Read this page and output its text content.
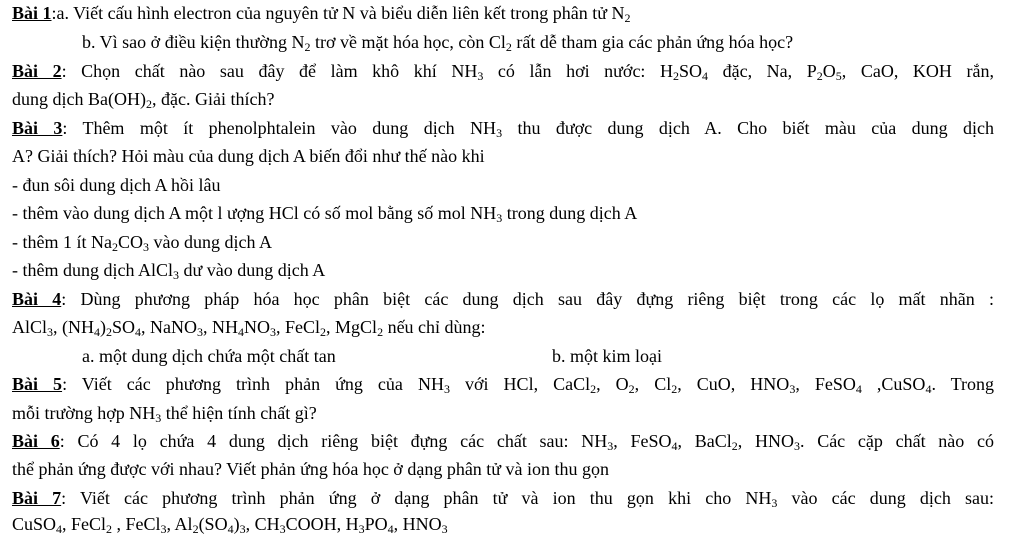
Bài 1:a. Viết cấu hình electron của nguyên tử N và biểu diễn liên kết trong phân tử $N_2$
b. Vì sao ở điều kiện thường $N_2$ trơ về mặt hóa học, còn $Cl_2$ rất dễ tham gia các phản ứng hóa học?
Bài 2: Chọn chất nào sau đây để làm khô khí $NH_3$ có lẫn hơi nước: $H_2SO_4$ đặc, Na, $P_2O_5$, CaO, KOH rắn,
dung dịch $Ba(OH)_2$, đặc. Giải thích?
Bài 3: Thêm một ít phenolphtalein vào dung dịch $NH_3$ thu được dung dịch A. Cho biết màu của dung dịch
A? Giải thích? Hỏi màu của dung dịch A biến đổi như thế nào khi
- đun sôi dung dịch A hồi lâu
- thêm vào dung dịch A một l ượng HCl có số mol bằng số mol $NH_3$ trong dung dịch A
- thêm 1 ít $Na_2CO_3$ vào dung dịch A
- thêm dung dịch AlCl$_3$ dư vào dung dịch A
Bài 4: Dùng phương pháp hóa học phân biệt các dung dịch sau đây đựng riêng biệt trong các lọ mất nhãn :
AlCl$_3$, $(NH_4)_2SO_4$, NaNO$_3$, $NH_4NO_3$, FeCl$_2$, MgCl$_2$ nếu chỉ dùng:
a. một dung dịch chứa một chất tan	b. một kim loại
Bài 5: Viết các phương trình phản ứng của $NH_3$ với HCl, CaCl$_2$, $O_2$, $Cl_2$, CuO, $HNO_3$, FeSO$_4$ ,CuSO$_4$. Trong
mỗi trường hợp $NH_3$ thể hiện tính chất gì?
Bài 6: Có 4 lọ chứa 4 dung dịch riêng biệt đựng các chất sau: $NH_3$, FeSO$_4$, BaCl$_2$, $HNO_3$. Các cặp chất nào có
thể phản ứng được với nhau? Viết phản ứng hóa học ở dạng phân tử và ion thu gọn
Bài 7: Viết các phương trình phản ứng ở dạng phân tử và ion thu gọn khi cho $NH_3$ vào các dung dịch sau:
CuSO$_4$, FeCl$_2$ , FeCl$_3$, $Al_2(SO_4)_3$, $CH_3COOH$, $H_3PO_4$, $HNO_3$
